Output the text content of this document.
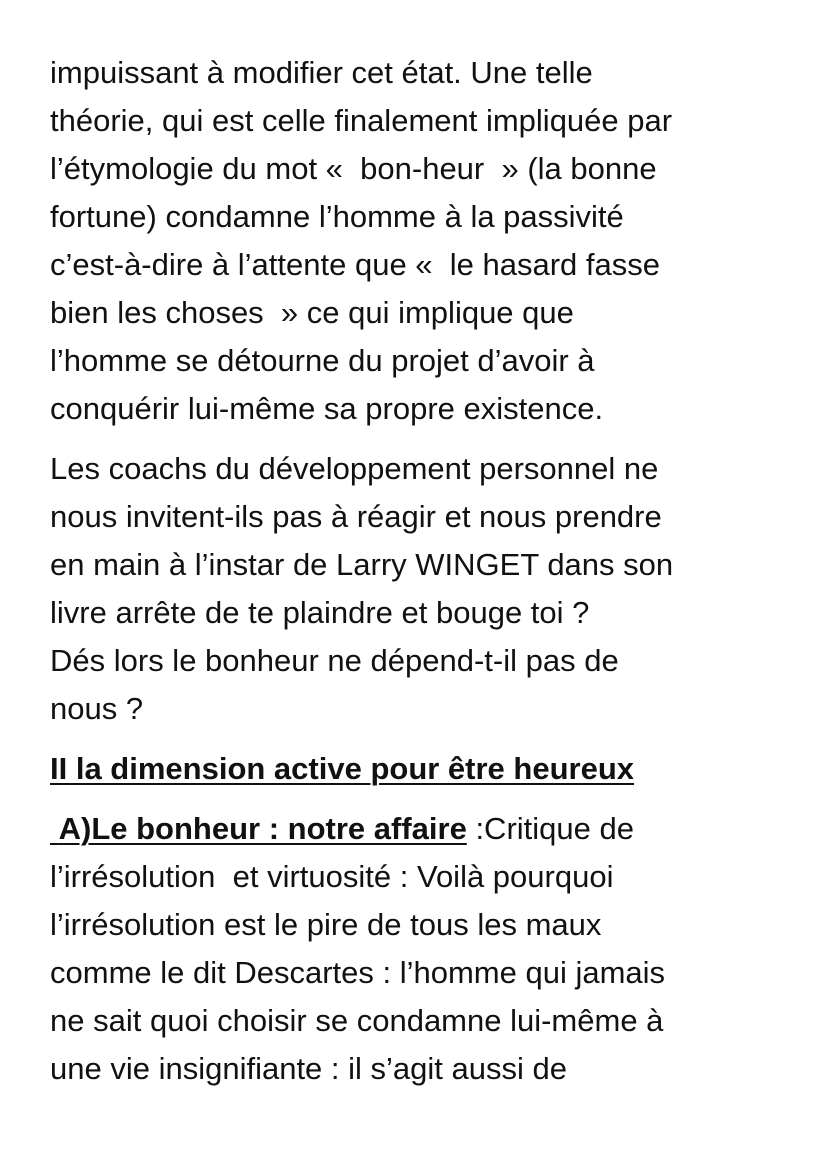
impuissant à modifier cet état. Une telle
théorie, qui est celle finalement impliquée par
l’étymologie du mot «  bon-heur  » (la bonne
fortune) condamne l’homme à la passivité
c’est-à-dire à l’attente que «  le hasard fasse
bien les choses  » ce qui implique que
l’homme se détourne du projet d’avoir à
conquérir lui-même sa propre existence.

Les coachs du développement personnel ne
nous invitent-ils pas à réagir et nous prendre
en main à l’instar de Larry WINGET dans son
livre arrête de te plaindre et bouge toi ?
Dés lors le bonheur ne dépend-t-il pas de
nous ?

II la dimension active pour être heureux

A)Le bonheur : notre affaire :Critique de
l’irrésolution  et virtuosité : Voilà pourquoi
l’irrésolution est le pire de tous les maux
comme le dit Descartes : l’homme qui jamais
ne sait quoi choisir se condamne lui-même à
une vie insignifiante : il s’agit aussi de
